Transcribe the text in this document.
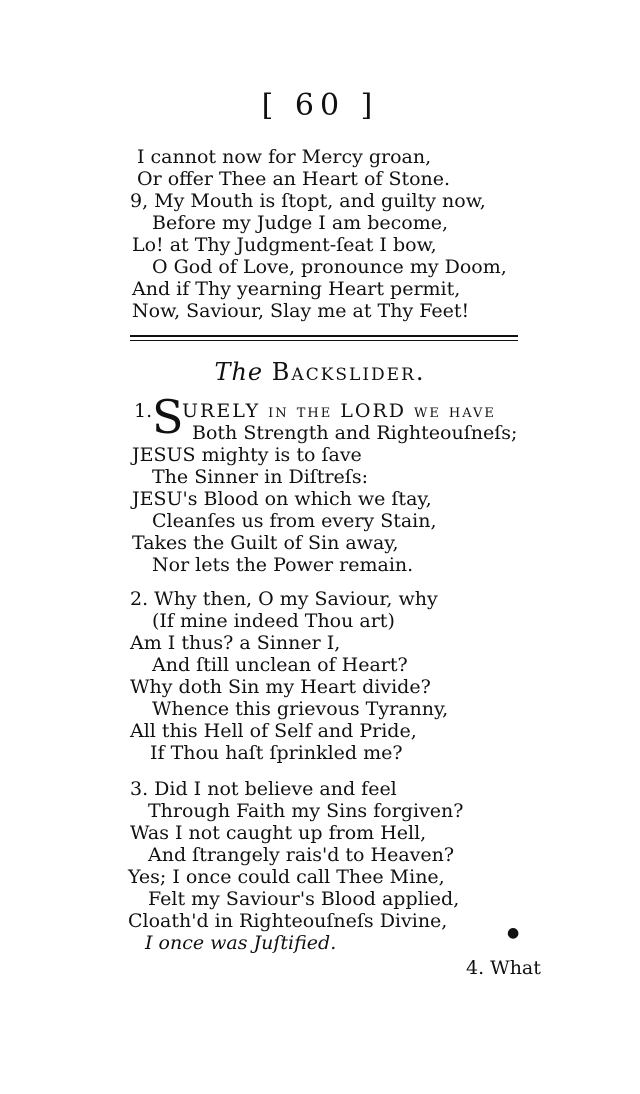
[ 60 ]
I cannot now for Mercy groan,
Or offer Thee an Heart of Stone.
9, My Mouth is ſtopt, and guilty now,
Before my Judge I am become,
Lo! at Thy Judgment-ſeat I bow,
O God of Love, pronounce my Doom,
And if Thy yearning Heart permit,
Now, Saviour, Slay me at Thy Feet!
The Backslider.
1. S
URELY in the LORD we have
Both Strength and Righteouſneſs;
JESUS mighty is to ſave
The Sinner in Diſtreſs:
JESU's Blood on which we ſtay,
Cleanſes us from every Stain,
Takes the Guilt of Sin away,
Nor lets the Power remain.
2. Why then, O my Saviour, why
(If mine indeed Thou art)
Am I thus? a Sinner I,
And ſtill unclean of Heart?
Why doth Sin my Heart divide?
Whence this grievous Tyranny,
All this Hell of Self and Pride,
If Thou haſt ſprinkled me?
3. Did I not believe and feel
Through Faith my Sins forgiven?
Was I not caught up from Hell,
And ſtrangely rais'd to Heaven?
Yes; I once could call Thee Mine,
Felt my Saviour's Blood applied,
Cloath'd in Righteouſneſs Divine,
I once was Juſtified.	●
4. What
